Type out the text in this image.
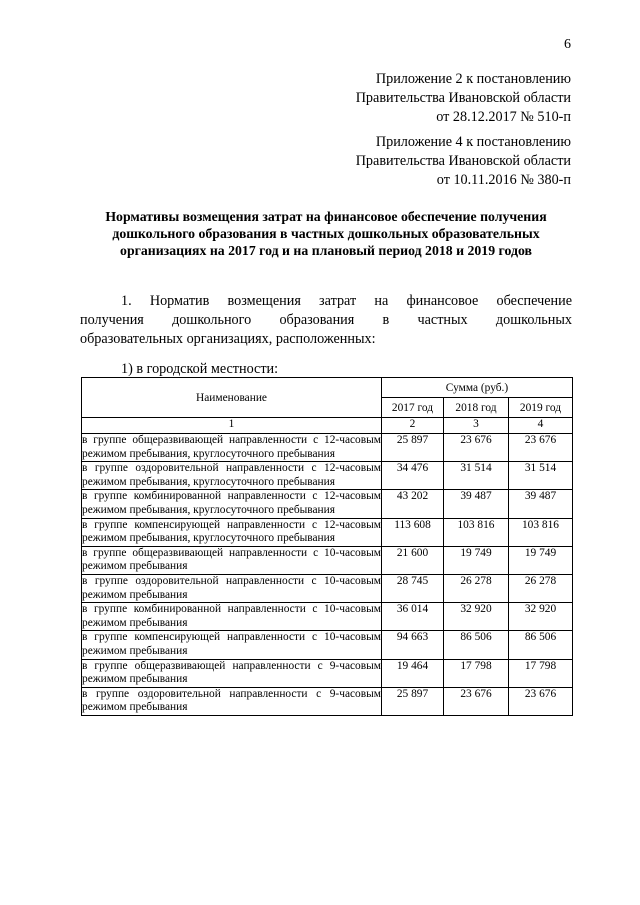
6
Приложение 2 к постановлению
Правительства Ивановской области
от 28.12.2017 № 510-п
Приложение 4 к постановлению
Правительства Ивановской области
от 10.11.2016 № 380-п
Нормативы возмещения затрат на финансовое обеспечение получения
дошкольного образования в частных дошкольных образовательных
организациях на 2017 год и на плановый период 2018 и 2019 годов
1. Норматив возмещения затрат на финансовое обеспечение
получения дошкольного образования в частных дошкольных
образовательных организациях, расположенных:
1) в городской местности:
Наименование	Сумма (руб.)		
	2017 год	2018 год	2019 год
1	2	3	4
в группе общеразвивающей направленности с 12-часовым режимом пребывания, круглосуточного пребывания	25 897	23 676	23 676
в группе оздоровительной направленности с 12-часовым режимом пребывания, круглосуточного пребывания	34 476	31 514	31 514
в группе комбинированной направленности с 12-часовым режимом пребывания, круглосуточного пребывания	43 202	39 487	39 487
в группе компенсирующей направленности с 12-часовым режимом пребывания, круглосуточного пребывания	113 608	103 816	103 816
в группе общеразвивающей направленности с 10-часовым режимом пребывания	21 600	19 749	19 749
в группе оздоровительной направленности с 10-часовым режимом пребывания	28 745	26 278	26 278
в группе комбинированной направленности с 10-часовым режимом пребывания	36 014	32 920	32 920
в группе компенсирующей направленности с 10-часовым режимом пребывания	94 663	86 506	86 506
в группе общеразвивающей направленности с 9-часовым режимом пребывания	19 464	17 798	17 798
в группе оздоровительной направленности с 9-часовым режимом пребывания	25 897	23 676	23 676
